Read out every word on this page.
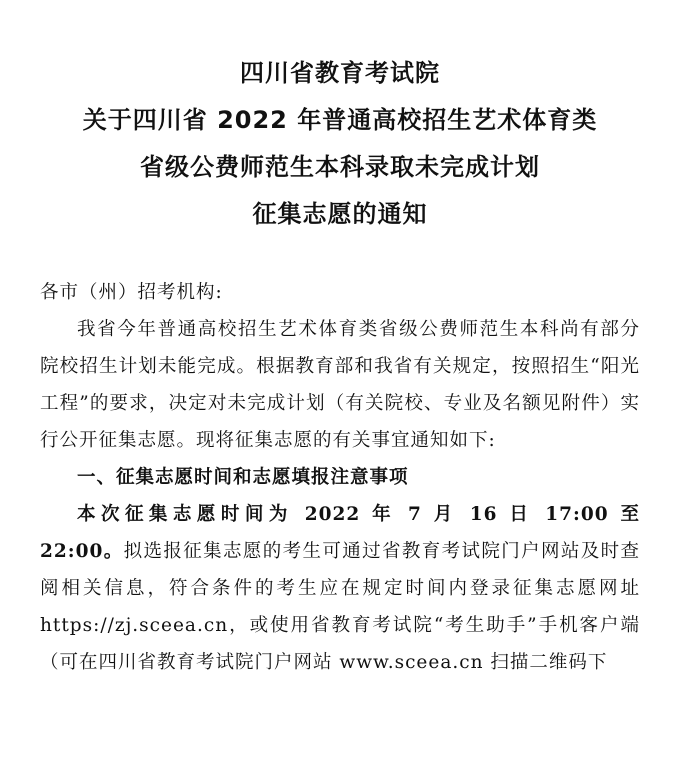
四川省教育考试院

关于四川省 2022 年普通高校招生艺术体育类

省级公费师范生本科录取未完成计划

征集志愿的通知

各市（州）招考机构:

我省今年普通高校招生艺术体育类省级公费师范生本科尚有部分院校招生计划未能完成。根据教育部和我省有关规定，按照招生“阳光工程”的要求，决定对未完成计划（有关院校、专业及名额见附件）实行公开征集志愿。现将征集志愿的有关事宜通知如下:

一、征集志愿时间和志愿填报注意事项

本次征集志愿时间为 2022 年 7 月 16 日 17:00 至 22:00。拟选报征集志愿的考生可通过省教育考试院门户网站及时查阅相关信息，符合条件的考生应在规定时间内登录征集志愿网址 https://zj.sceea.cn，或使用省教育考试院“考生助手”手机客户端（可在四川省教育考试院门户网站 www.sceea.cn 扫描二维码下
